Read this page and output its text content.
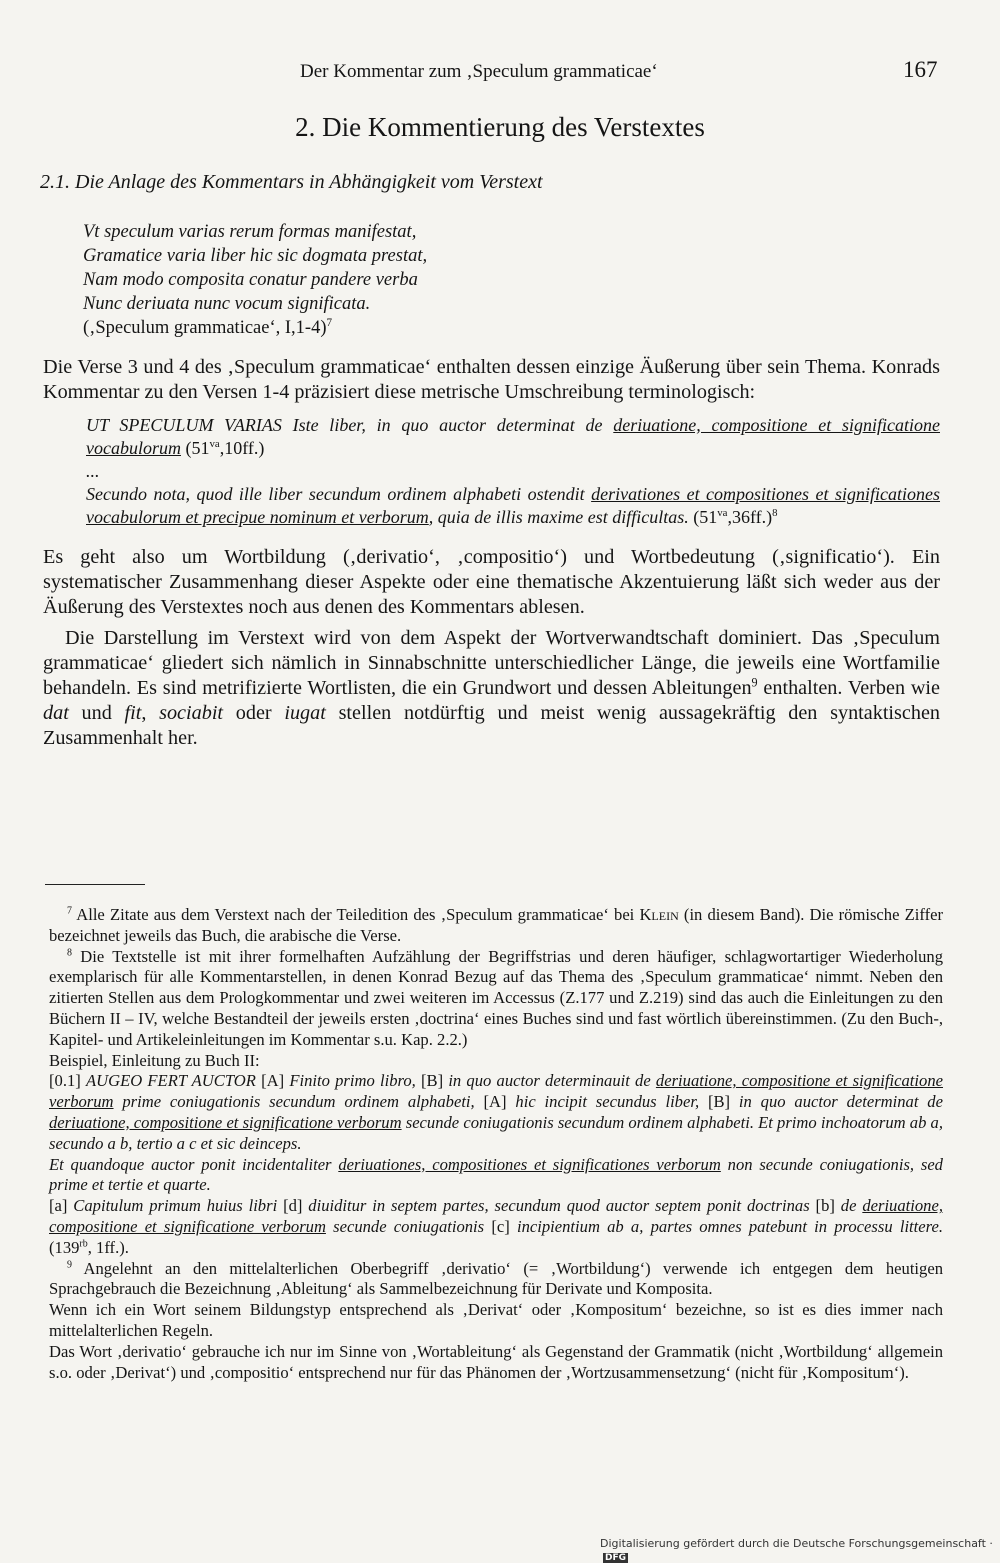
Der Kommentar zum ‚Speculum grammaticae‘	167
2. Die Kommentierung des Verstextes
2.1. Die Anlage des Kommentars in Abhängigkeit vom Verstext
Vt speculum varias rerum formas manifestat,
Gramatice varia liber hic sic dogmata prestat,
Nam modo composita conatur pandere verba
Nunc deriuata nunc vocum significata.
(‚Speculum grammaticae‘, I,1-4)$^7$

Die Verse 3 und 4 des ‚Speculum grammaticae‘ enthalten dessen einzige Äußerung über sein Thema. Konrads Kommentar zu den Versen 1-4 präzisiert diese metrische Umschreibung terminologisch:

UT SPECULUM VARIAS Iste liber, in quo auctor determinat de deriuatione, compositione et significatione vocabulorum $(51^{va},10ff.)$

...

Secundo nota, quod ille liber secundum ordinem alphabeti ostendit derivationes et compositiones et significationes vocabulorum et precipue nominum et verborum, quia de illis maxime est difficultas. $(51^{va},36ff.)^8$

Es geht also um Wortbildung (‚derivatio‘, ‚compositio‘) und Wortbedeutung (‚significatio‘). Ein systematischer Zusammenhang dieser Aspekte oder eine thematische Akzentuierung läßt sich weder aus der Äußerung des Verstextes noch aus denen des Kommentars ablesen.

Die Darstellung im Verstext wird von dem Aspekt der Wortverwandtschaft dominiert. Das ‚Speculum grammaticae‘ gliedert sich nämlich in Sinnabschnitte unterschiedlicher Länge, die jeweils eine Wortfamilie behandeln. Es sind metrifizierte Wortlisten, die ein Grundwort und dessen Ableitungen$^9$ enthalten. Verben wie dat und fit, sociabit oder iugat stellen notdürftig und meist wenig aussagekräftig den syntaktischen Zusammenhalt her.

$^7$ Alle Zitate aus dem Verstext nach der Teiledition des ‚Speculum grammaticae‘ bei Klein (in diesem Band). Die römische Ziffer bezeichnet jeweils das Buch, die arabische die Verse.

$^8$ Die Textstelle ist mit ihrer formelhaften Aufzählung der Begriffstrias und deren häufiger, schlagwortartiger Wiederholung exemplarisch für alle Kommentarstellen, in denen Konrad Bezug auf das Thema des ‚Speculum grammaticae‘ nimmt. Neben den zitierten Stellen aus dem Prologkommentar und zwei weiteren im Accessus (Z.177 und Z.219) sind das auch die Einleitungen zu den Büchern II – IV, welche Bestandteil der jeweils ersten ‚doctrina‘ eines Buches sind und fast wörtlich übereinstimmen. (Zu den Buch-, Kapitel- und Artikeleinleitungen im Kommentar s.u. Kap. 2.2.)

Beispiel, Einleitung zu Buch II:

[0.1] AUGEO FERT AUCTOR [A] Finito primo libro, [B] in quo auctor determinauit de deriuatione, compositione et significatione verborum prime coniugationis secundum ordinem alphabeti, [A] hic incipit secundus liber, [B] in quo auctor determinat de deriuatione, compositione et significatione verborum secunde coniugationis secundum ordinem alphabeti. Et primo inchoatorum ab a, secundo a b, tertio a c et sic deinceps.

Et quandoque auctor ponit incidentaliter deriuationes, compositiones et significationes verborum non secunde coniugationis, sed prime et tertie et quarte.

[a] Capitulum primum huius libri [d] diuiditur in septem partes, secundum quod auctor septem ponit doctrinas [b] de deriuatione, compositione et significatione verborum secunde coniugationis [c] incipientium ab a, partes omnes patebunt in processu littere. ($139^{rb}$, 1ff.).

$^9$ Angelehnt an den mittelalterlichen Oberbegriff ‚derivatio‘ (= ‚Wortbildung‘) verwende ich entgegen dem heutigen Sprachgebrauch die Bezeichnung ‚Ableitung‘ als Sammelbezeichnung für Derivate und Komposita.

Wenn ich ein Wort seinem Bildungstyp entsprechend als ‚Derivat‘ oder ‚Kompositum‘ bezeichne, so ist es dies immer nach mittelalterlichen Regeln.

Das Wort ‚derivatio‘ gebrauche ich nur im Sinne von ‚Wortableitung‘ als Gegenstand der Grammatik (nicht ‚Wortbildung‘ allgemein s.o. oder ‚Derivat‘) und ‚compositio‘ entsprechend nur für das Phänomen der ‚Wortzusammensetzung‘ (nicht für ‚Kompositum‘).

Digitalisierung gefördert durch die Deutsche Forschungsgemeinschaft ·DFG
